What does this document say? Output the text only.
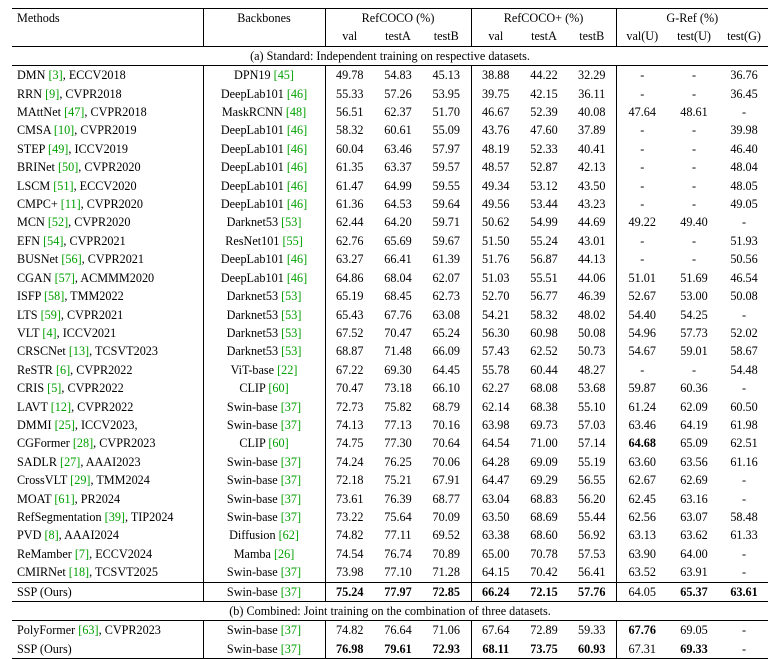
Methods	Backbones	RefCOCO (%)			RefCOCO+ (%)			G-Ref (%)		
		val	testA	testB	val	testA	testB	val(U)	test(U)	test(G)
(a) Standard: Independent training on respective datasets.										
DMN [3], ECCV2018	DPN19 [45]	49.78	54.83	45.13	38.88	44.22	32.29	-	-	36.76
RRN [9], CVPR2018	DeepLab101 [46]	55.33	57.26	53.95	39.75	42.15	36.11	-	-	36.45
MAttNet [47], CVPR2018	MaskRCNN [48]	56.51	62.37	51.70	46.67	52.39	40.08	47.64	48.61	-
CMSA [10], CVPR2019	DeepLab101 [46]	58.32	60.61	55.09	43.76	47.60	37.89	-	-	39.98
STEP [49], ICCV2019	DeepLab101 [46]	60.04	63.46	57.97	48.19	52.33	40.41	-	-	46.40
BRINet [50], CVPR2020	DeepLab101 [46]	61.35	63.37	59.57	48.57	52.87	42.13	-	-	48.04
LSCM [51], ECCV2020	DeepLab101 [46]	61.47	64.99	59.55	49.34	53.12	43.50	-	-	48.05
CMPC+ [11], CVPR2020	DeepLab101 [46]	61.36	64.53	59.64	49.56	53.44	43.23	-	-	49.05
MCN [52], CVPR2020	Darknet53 [53]	62.44	64.20	59.71	50.62	54.99	44.69	49.22	49.40	-
EFN [54], CVPR2021	ResNet101 [55]	62.76	65.69	59.67	51.50	55.24	43.01	-	-	51.93
BUSNet [56], CVPR2021	DeepLab101 [46]	63.27	66.41	61.39	51.76	56.87	44.13	-	-	50.56
CGAN [57], ACMMM2020	DeepLab101 [46]	64.86	68.04	62.07	51.03	55.51	44.06	51.01	51.69	46.54
ISFP [58], TMM2022	Darknet53 [53]	65.19	68.45	62.73	52.70	56.77	46.39	52.67	53.00	50.08
LTS [59], CVPR2021	Darknet53 [53]	65.43	67.76	63.08	54.21	58.32	48.02	54.40	54.25	-
VLT [4], ICCV2021	Darknet53 [53]	67.52	70.47	65.24	56.30	60.98	50.08	54.96	57.73	52.02
CRSCNet [13], TCSVT2023	Darknet53 [53]	68.87	71.48	66.09	57.43	62.52	50.73	54.67	59.01	58.67
ReSTR [6], CVPR2022	ViT-base [22]	67.22	69.30	64.45	55.78	60.44	48.27	-	-	54.48
CRIS [5], CVPR2022	CLIP [60]	70.47	73.18	66.10	62.27	68.08	53.68	59.87	60.36	-
LAVT [12], CVPR2022	Swin-base [37]	72.73	75.82	68.79	62.14	68.38	55.10	61.24	62.09	60.50
DMMI [25], ICCV2023,	Swin-base [37]	74.13	77.13	70.16	63.98	69.73	57.03	63.46	64.19	61.98
CGFormer [28], CVPR2023	CLIP [60]	74.75	77.30	70.64	64.54	71.00	57.14	64.68	65.09	62.51
SADLR [27], AAAI2023	Swin-base [37]	74.24	76.25	70.06	64.28	69.09	55.19	63.60	63.56	61.16
CrossVLT [29], TMM2024	Swin-base [37]	72.18	75.21	67.91	64.47	69.29	56.55	62.67	62.69	-
MOAT [61], PR2024	Swin-base [37]	73.61	76.39	68.77	63.04	68.83	56.20	62.45	63.16	-
RefSegmentation [39], TIP2024	Swin-base [37]	73.22	75.64	70.09	63.50	68.69	55.44	62.56	63.07	58.48
PVD [8], AAAI2024	Diffusion [62]	74.82	77.11	69.52	63.38	68.60	56.92	63.13	63.62	61.33
ReMamber [7], ECCV2024	Mamba [26]	74.54	76.74	70.89	65.00	70.78	57.53	63.90	64.00	-
CMIRNet [18], TCSVT2025	Swin-base [37]	73.98	77.10	71.28	64.15	70.42	56.41	63.52	63.91	-
SSP (Ours)	Swin-base [37]	75.24	77.97	72.85	66.24	72.15	57.76	64.05	65.37	63.61
(b) Combined: Joint training on the combination of three datasets.										
PolyFormer [63], CVPR2023	Swin-base [37]	74.82	76.64	71.06	67.64	72.89	59.33	67.76	69.05	-
SSP (Ours)	Swin-base [37]	76.98	79.61	72.93	68.11	73.75	60.93	67.31	69.33	-
